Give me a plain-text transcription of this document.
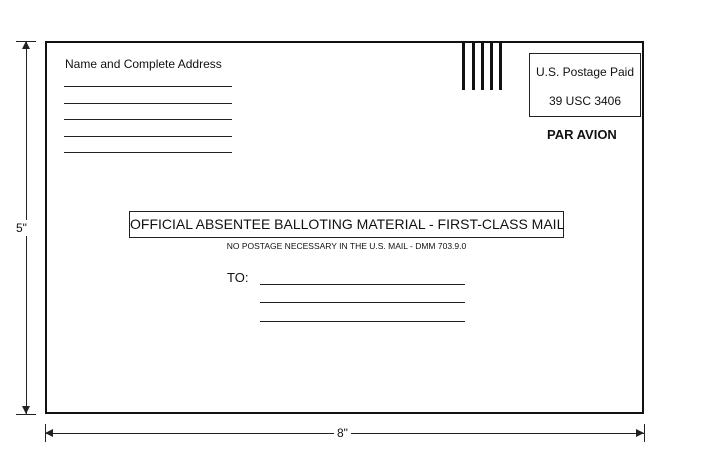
Name and Complete Address
U.S. Postage Paid
39 USC 3406
PAR AVION
OFFICIAL ABSENTEE BALLOTING MATERIAL - FIRST-CLASS MAIL
NO POSTAGE NECESSARY IN THE U.S. MAIL - DMM 703.9.0
TO:
5"
8"
